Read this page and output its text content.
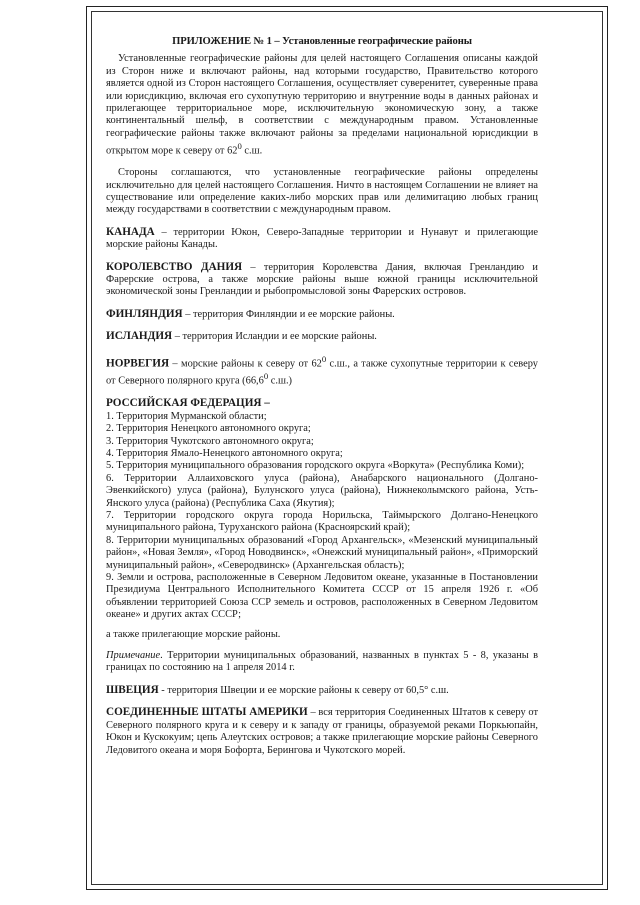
ПРИЛОЖЕНИЕ № 1 – Установленные географические районы

Установленные географические районы для целей настоящего Соглашения описаны каждой из Сторон ниже и включают районы, над которыми государство, Правительство которого является одной из Сторон настоящего Соглашения, осуществляет суверенитет, суверенные права или юрисдикцию, включая его сухопутную территорию и внутренние воды в данных районах и прилегающее территориальное море, исключительную экономическую зону, а также континентальный шельф, в соответствии с международным правом. Установленные географические районы также включают районы за пределами национальной юрисдикции в открытом море к северу от $62^0$ с.ш.

Стороны соглашаются, что установленные географические районы определены исключительно для целей настоящего Соглашения. Ничто в настоящем Соглашении не влияет на существование или определение каких-либо морских прав или делимитацию любых границ между государствами в соответствии с международным правом.

КАНАДА – территории Юкон, Северо-Западные территории и Нунавут и прилегающие морские районы Канады.

КОРОЛЕВСТВО ДАНИЯ – территория Королевства Дания, включая Гренландию и Фарерские острова, а также морские районы выше южной границы исключительной экономической зоны Гренландии и рыбопромысловой зоны Фарерских островов.

ФИНЛЯНДИЯ – территория Финляндии и ее морские районы.

ИСЛАНДИЯ – территория Исландии и ее морские районы.

НОРВЕГИЯ – морские районы к северу от $62^0$ с.ш., а также сухопутные территории к северу от Северного полярного круга (66,6$^0$ с.ш.)

РОССИЙСКАЯ ФЕДЕРАЦИЯ –

1. Территория Мурманской области;

2. Территория Ненецкого автономного округа;

3. Территория Чукотского автономного округа;

4. Территория Ямало-Ненецкого автономного округа;

5. Территория муниципального образования городского округа «Воркута» (Республика Коми);

6. Территории Аллаиховского улуса (района), Анабарского национального (Долгано-Эвенкийского) улуса (района), Булунского улуса (района), Нижнеколымского района, Усть-Янского улуса (района) (Республика Саха (Якутия);

7. Территории городского округа города Норильска, Таймырского Долгано-Ненецкого муниципального района, Туруханского района (Красноярский край);

8. Территории муниципальных образований «Город Архангельск», «Мезенский муниципальный район», «Новая Земля», «Город Новодвинск», «Онежский муниципальный район», «Приморский муниципальный район», «Северодвинск» (Архангельская область);

9. Земли и острова, расположенные в Северном Ледовитом океане, указанные в Постановлении Президиума Центрального Исполнительного Комитета СССР от 15 апреля 1926 г. «Об объявлении территорией Союза ССР земель и островов, расположенных в Северном Ледовитом океане» и других актах СССР;

а также прилегающие морские районы.

Примечание. Территории муниципальных образований, названных в пунктах 5 - 8, указаны в границах по состоянию на 1 апреля 2014 г.

ШВЕЦИЯ - территория Швеции и ее морские районы к северу от 60,5° с.ш.

СОЕДИНЕННЫЕ ШТАТЫ АМЕРИКИ – вся территория Соединенных Штатов к северу от Северного полярного круга и к северу и к западу от границы, образуемой реками Поркьюпайн, Юкон и Кускокуим; цепь Алеутских островов; а также прилегающие морские районы Северного Ледовитого океана и моря Бофорта, Берингова и Чукотского морей.
